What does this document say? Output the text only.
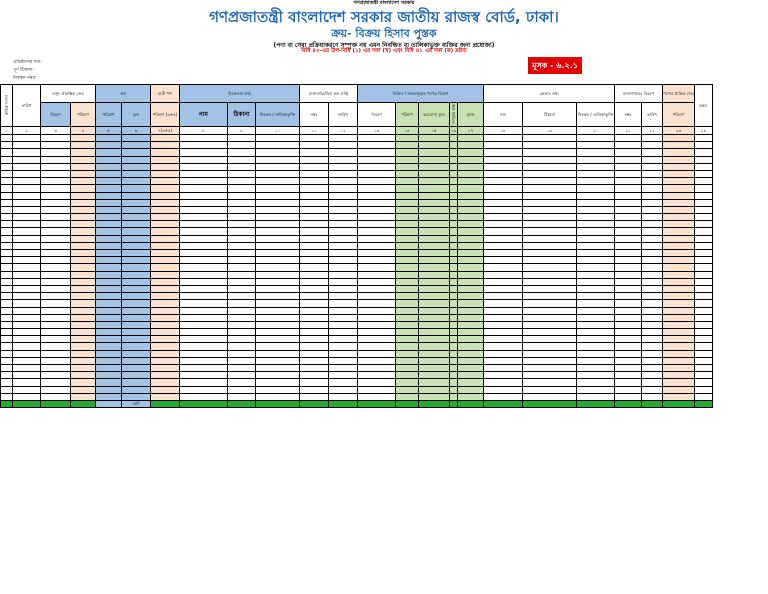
গণপ্রজাতন্ত্রী বাংলাদেশ সরকার
গণপ্রজাতন্ত্রী বাংলাদেশ সরকার জাতীয় রাজস্ব বোর্ড, ঢাকা।
ক্রয়- বিক্রয় হিসাব পুস্তক
(পণ্য বা সেবা প্রক্রিয়াকরণে সম্পৃক্ত নয় এমন নিবন্ধিত বা তালিকাভুক্ত ব্যক্তির জন্য প্রযোজ্য)
বিধি ৪০-এর উপ-বিধি (১) এর দফা (খ) এবং বিধি ৪১ এর দফা (ক) দ্রষ্টব্য
মূসক - ৬.২.১
প্রতিষ্ঠানের নাম:
পূর্ণ ঠিকানা:
নিবন্ধন নম্বর:
ক্রমিক সংখ্যা	তারিখ	মজুদ প্রারম্ভিক জের		ক্রয়		মোট পণ্য	বিক্রেতার তথ্য			চালানপত্র/বিল অব এন্ট্রি		বিক্রিত / সরবরাহকৃত পণ্যের বিবরণ					ক্রেতার তথ্য			চালানপত্রের বিবরণ		পণ্যের প্রান্তিক জের	মন্তব্য
		বিবরণ	পরিমাণ	পরিমাণ	মূল্য	পরিমাণ (৩+৫)	নাম	ঠিকানা	নিবন্ধন / তালিকাভুক্তি	নম্বর	তারিখ	বিবরণ	পরিমাণ	করযোগ্য মূল্য	সম্পূরক শুল্ক	মূসক	নাম	ঠিকানা	নিবন্ধন / তালিকাভুক্তি	নম্বর	তারিখ	পরিমাণ	
১	২	৩	৪	৫	৬	৭(৩+৫)	৮	৯	১০	১১	১২	১৩	১৪	১৫	১৬	১৭	১৮	১৯	২০	২১	২২	২৩	২৪

					মোট																		
